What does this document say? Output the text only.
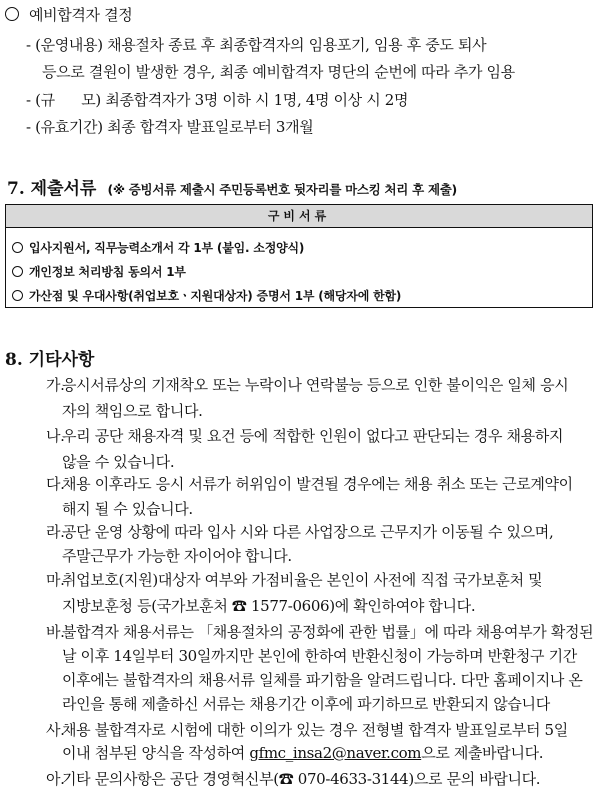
예비합격자 결정
- (운영내용) 채용절차 종료 후 최종합격자의 임용포기, 임용 후 중도 퇴사
등으로 결원이 발생한 경우, 최종 예비합격자 명단의 순번에 따라 추가 임용
- (규      모) 최종합격자가 3명 이하 시 1명, 4명 이상 시 2명
- (유효기간) 최종 합격자 발표일로부터 3개월
7. 제출서류 (※ 증빙서류 제출시 주민등록번호 뒷자리를 마스킹 처리 후 제출)
구비서류
입사지원서, 직무능력소개서 각 1부 (붙임. 소정양식)
개인정보 처리방침 동의서 1부
가산점 및 우대사항(취업보호ㆍ지원대상자) 증명서 1부 (해당자에 한함)
8. 기타사항
가.
응시서류상의 기재착오 또는 누락이나 연락불능 등으로 인한 불이익은 일체 응시
자의 책임으로 합니다.
나.
우리 공단 채용자격 및 요건 등에 적합한 인원이 없다고 판단되는 경우 채용하지
않을 수 있습니다.
다.
채용 이후라도 응시 서류가 허위임이 발견될 경우에는 채용 취소 또는 근로계약이
해지 될 수 있습니다.
라.
공단 운영 상황에 따라 입사 시와 다른 사업장으로 근무지가 이동될 수 있으며,
주말근무가 가능한 자이어야 합니다.
마.
취업보호(지원)대상자 여부와 가점비율은 본인이 사전에 직접 국가보훈처 및
지방보훈청 등(국가보훈처 ☎ 1577-0606)에 확인하여야 합니다.
바.
불합격자 채용서류는 「채용절차의 공정화에 관한 법률」에 따라 채용여부가 확정된
날 이후 14일부터 30일까지만 본인에 한하여 반환신청이 가능하며 반환청구 기간
이후에는 불합격자의 채용서류 일체를 파기함을 알려드립니다. 다만 홈페이지나 온
라인을 통해 제출하신 서류는 채용기간 이후에 파기하므로 반환되지 않습니다
사.
채용 불합격자로 시험에 대한 이의가 있는 경우 전형별 합격자 발표일로부터 5일
이내 첨부된 양식을 작성하여 gfmc_insa2@naver.com으로 제출바랍니다.
아.
기타 문의사항은 공단 경영혁신부(☎ 070-4633-3144)으로 문의 바랍니다.
